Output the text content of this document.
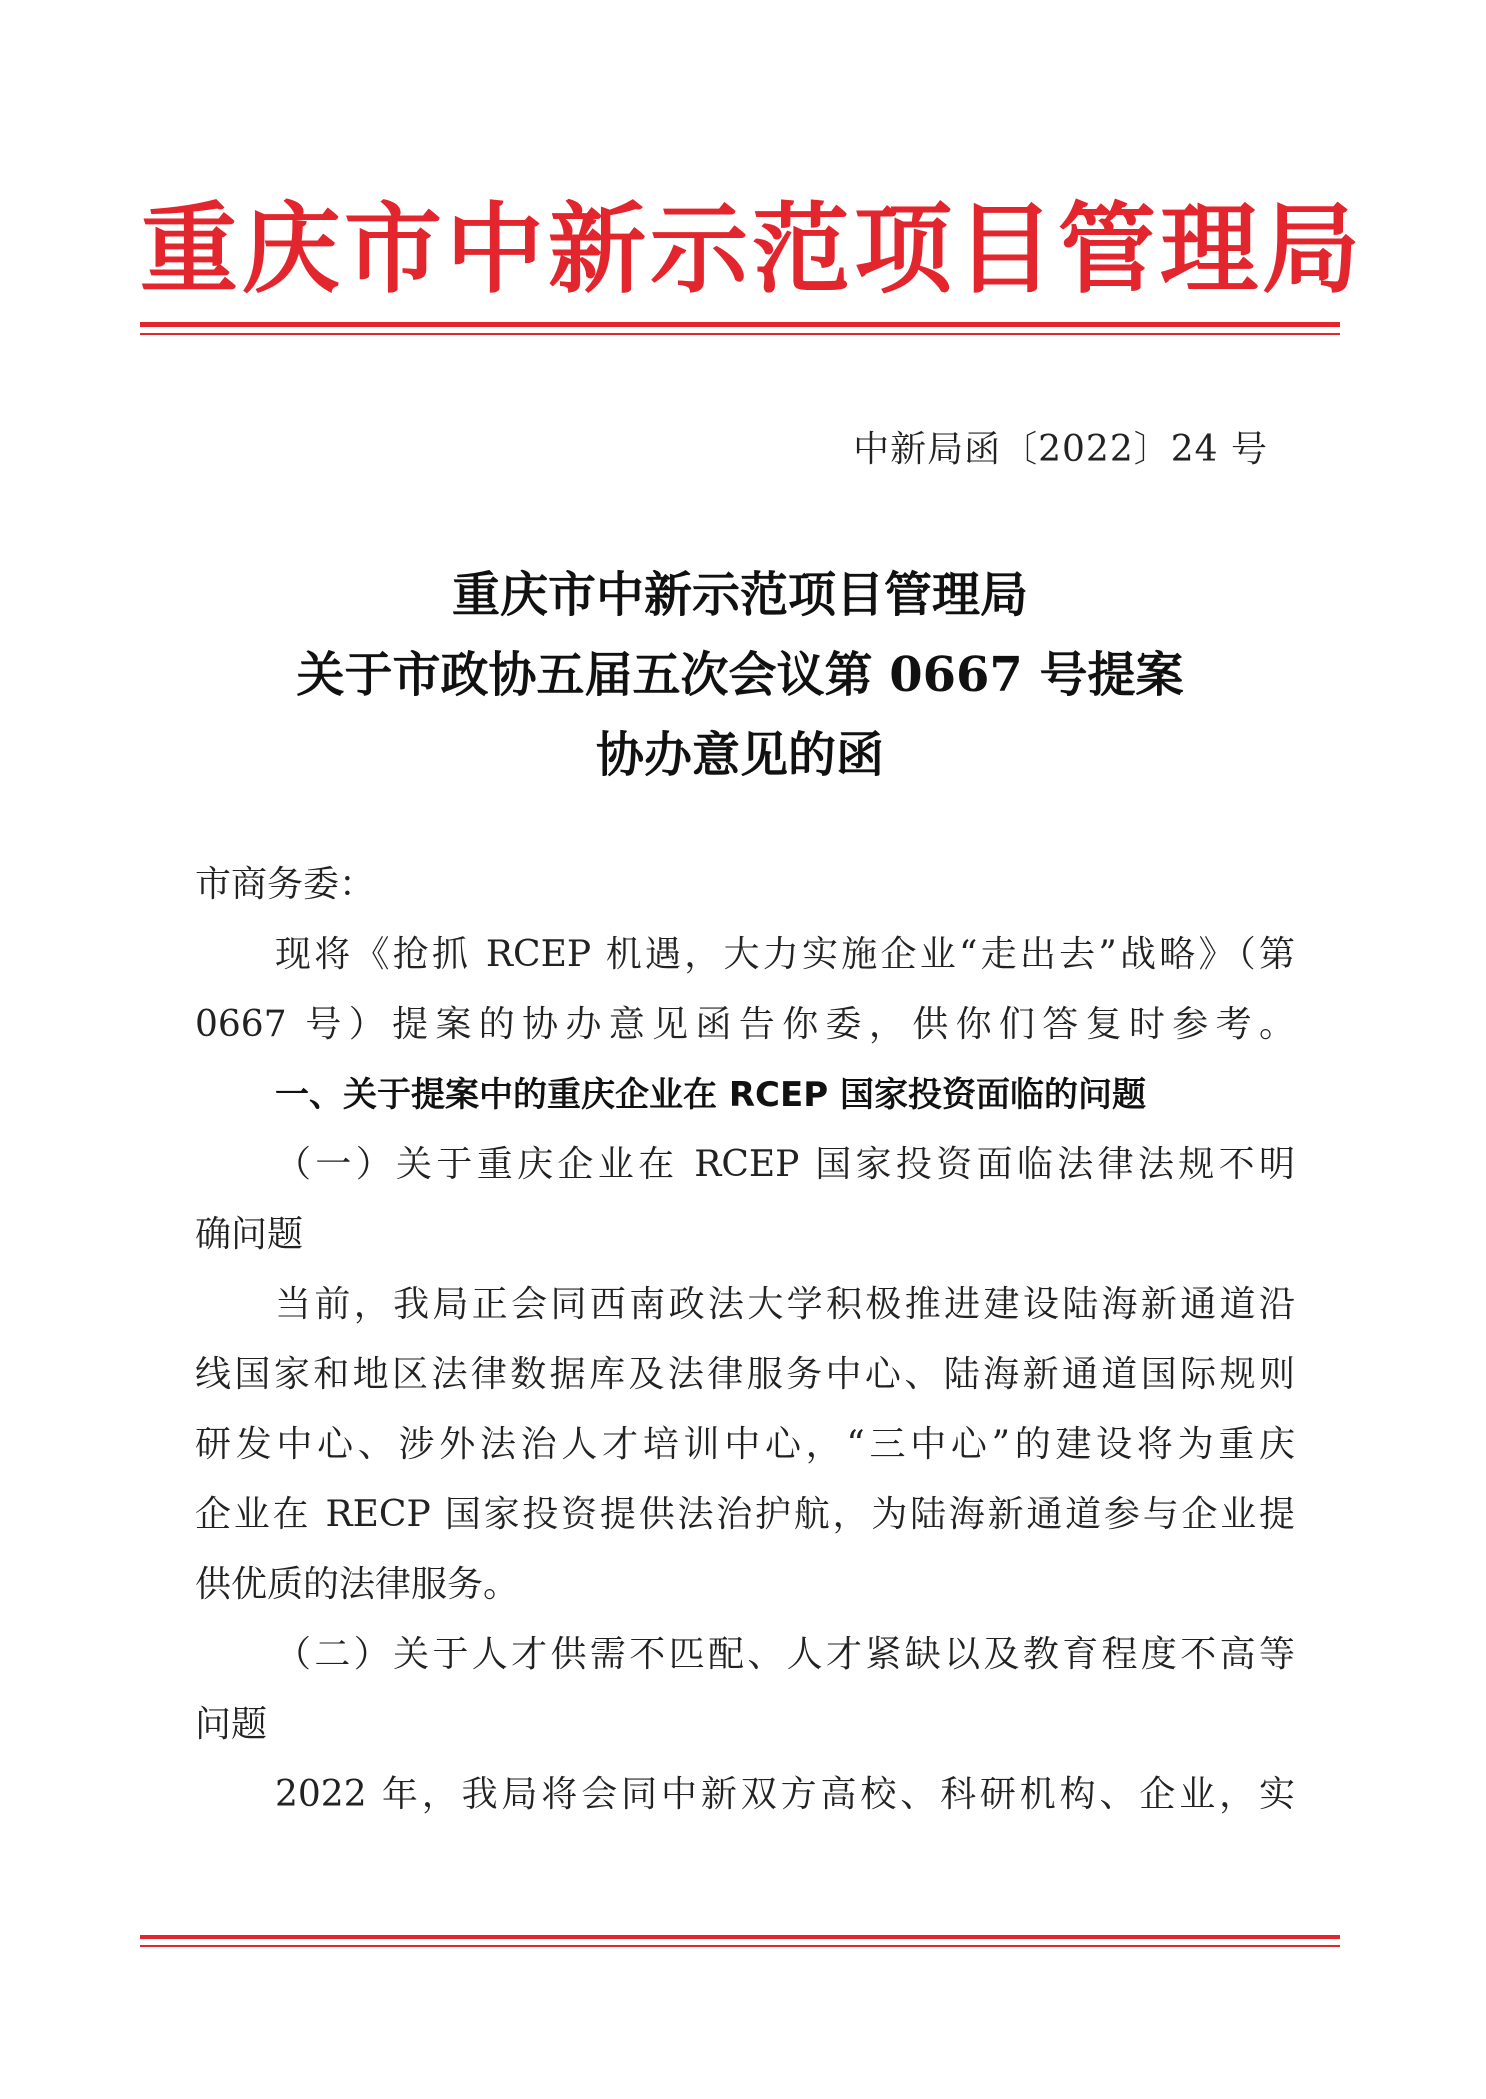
重庆市中新示范项目管理局
中新局函〔2022〕24 号
重庆市中新示范项目管理局
关于市政协五届五次会议第 0667 号提案
协办意见的函
市商务委：
现将《抢抓 RCEP 机遇，大力实施企业“走出去”战略》（第
0667 号）提案的协办意见函告你委，供你们答复时参考。
一、关于提案中的重庆企业在 RCEP 国家投资面临的问题
（一）关于重庆企业在 RCEP 国家投资面临法律法规不明
确问题
当前，我局正会同西南政法大学积极推进建设陆海新通道沿
线国家和地区法律数据库及法律服务中心、陆海新通道国际规则
研发中心、涉外法治人才培训中心，“三中心”的建设将为重庆
企业在 RECP 国家投资提供法治护航，为陆海新通道参与企业提
供优质的法律服务。
（二）关于人才供需不匹配、人才紧缺以及教育程度不高等
问题
2022 年，我局将会同中新双方高校、科研机构、企业，实
